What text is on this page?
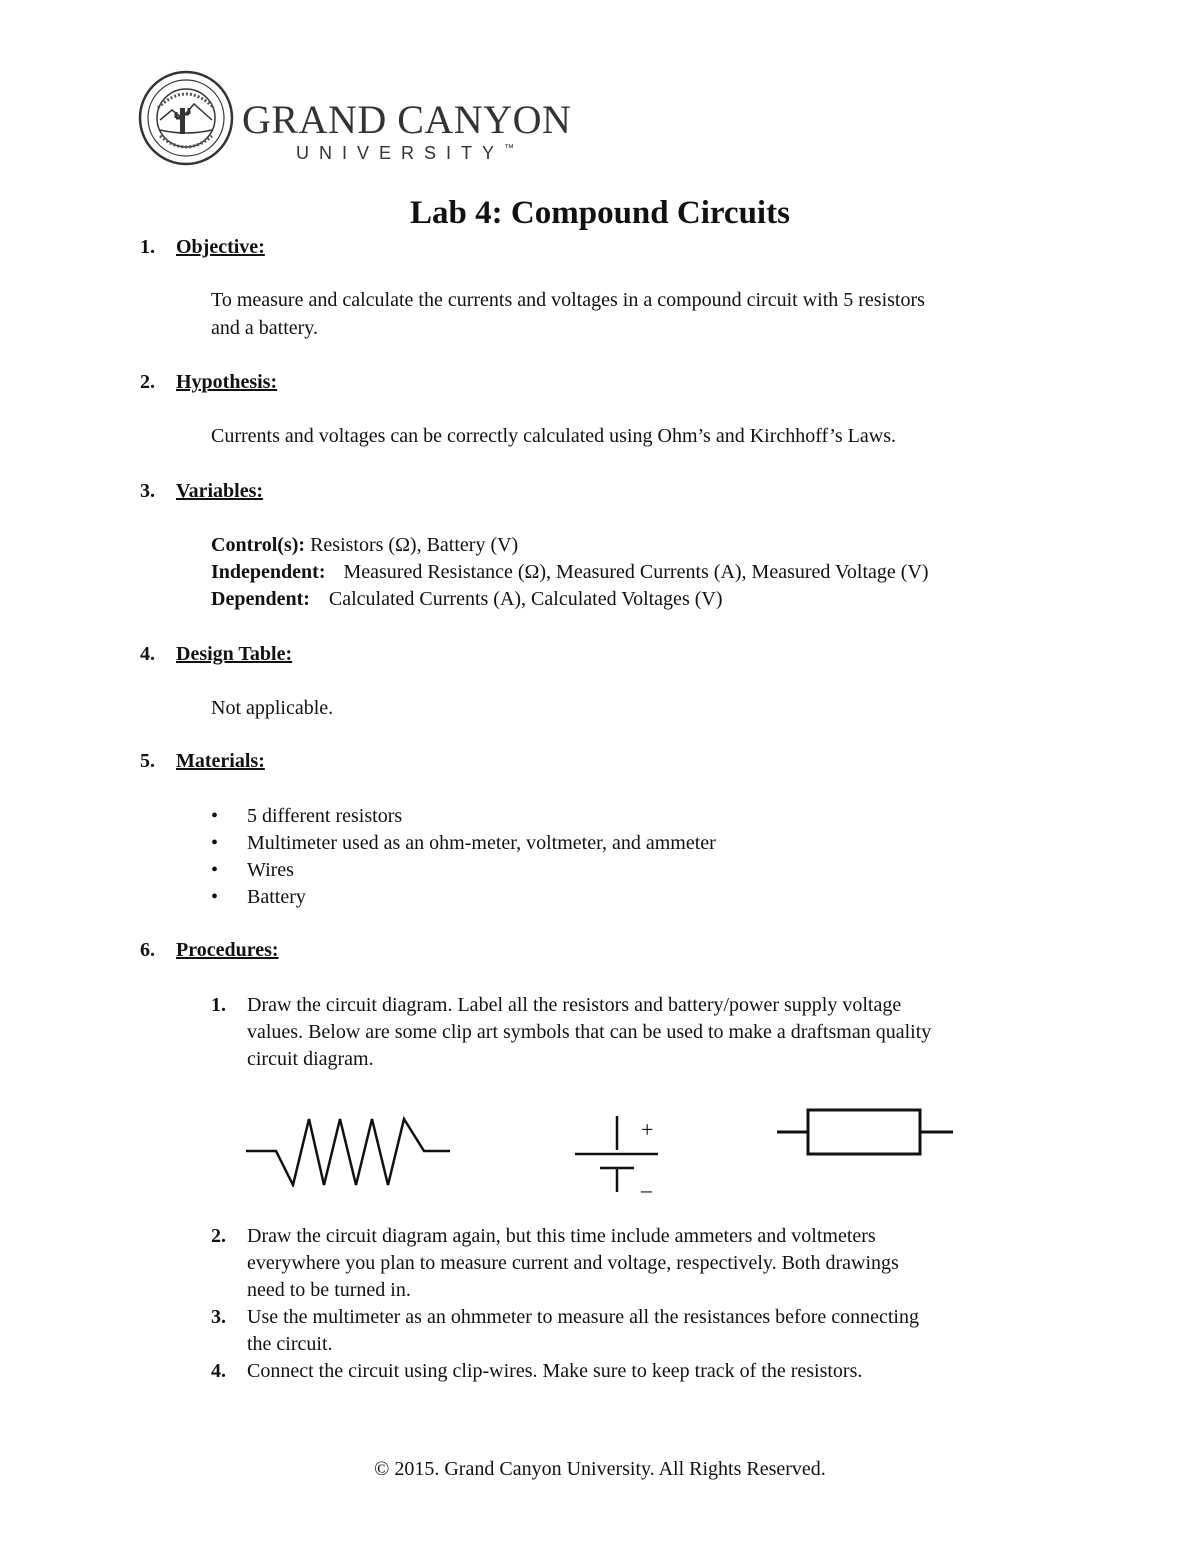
GRAND CANYON
UNIVERSITY™
Lab 4: Compound Circuits
1. Objective:
To measure and calculate the currents and voltages in a compound circuit with 5 resistors
and a battery.
2. Hypothesis:
Currents and voltages can be correctly calculated using Ohm’s and Kirchhoff’s Laws.
3. Variables:
Control(s): Resistors (Ω), Battery (V)
Independent: Measured Resistance (Ω), Measured Currents (A), Measured Voltage (V)
Dependent: Calculated Currents (A), Calculated Voltages (V)
4. Design Table:
Not applicable.
5. Materials:
• 5 different resistors
• Multimeter used as an ohm-meter, voltmeter, and ammeter
• Wires
• Battery
6. Procedures:
1. Draw the circuit diagram. Label all the resistors and battery/power supply voltage
values. Below are some clip art symbols that can be used to make a draftsman quality
circuit diagram.
+
–
2. Draw the circuit diagram again, but this time include ammeters and voltmeters
everywhere you plan to measure current and voltage, respectively. Both drawings
need to be turned in.
3. Use the multimeter as an ohmmeter to measure all the resistances before connecting
the circuit.
4. Connect the circuit using clip-wires. Make sure to keep track of the resistors.
© 2015. Grand Canyon University. All Rights Reserved.
